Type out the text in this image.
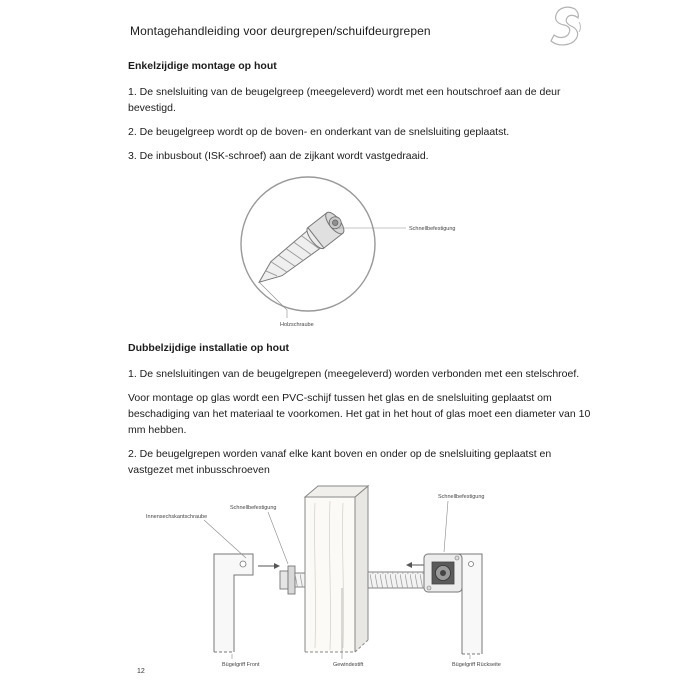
Montagehandleiding voor deurgrepen/schuifdeurgrepen
Enkelzijdige montage op hout

1. De snelsluiting van de beugelgreep (meegeleverd) wordt met een houtschroef aan de deur bevestigd.

2. De beugelgreep wordt op de boven- en onderkant van de snelsluiting geplaatst.

3. De inbusbout (ISK-schroef) aan de zijkant wordt vastgedraaid.

Schnellbefestigung
Holzschraube
Dubbelzijdige installatie op hout

1. De snelsluitingen van de beugelgrepen (meegeleverd) worden verbonden met een stelschroef.

Voor montage op glas wordt een PVC-schijf tussen het glas en de snelsluiting geplaatst om beschadiging van het materiaal te voorkomen. Het gat in het hout of glas moet een diameter van 10 mm hebben.

2. De beugelgrepen worden vanaf elke kant boven en onder op de snelsluiting geplaatst en vastgezet met inbusschroeven

Innensechskantschraube
Schnellbefestigung
Schnellbefestigung
Bügelgriff Front	Gewindestift	Bügelgriff Rückseite
12
